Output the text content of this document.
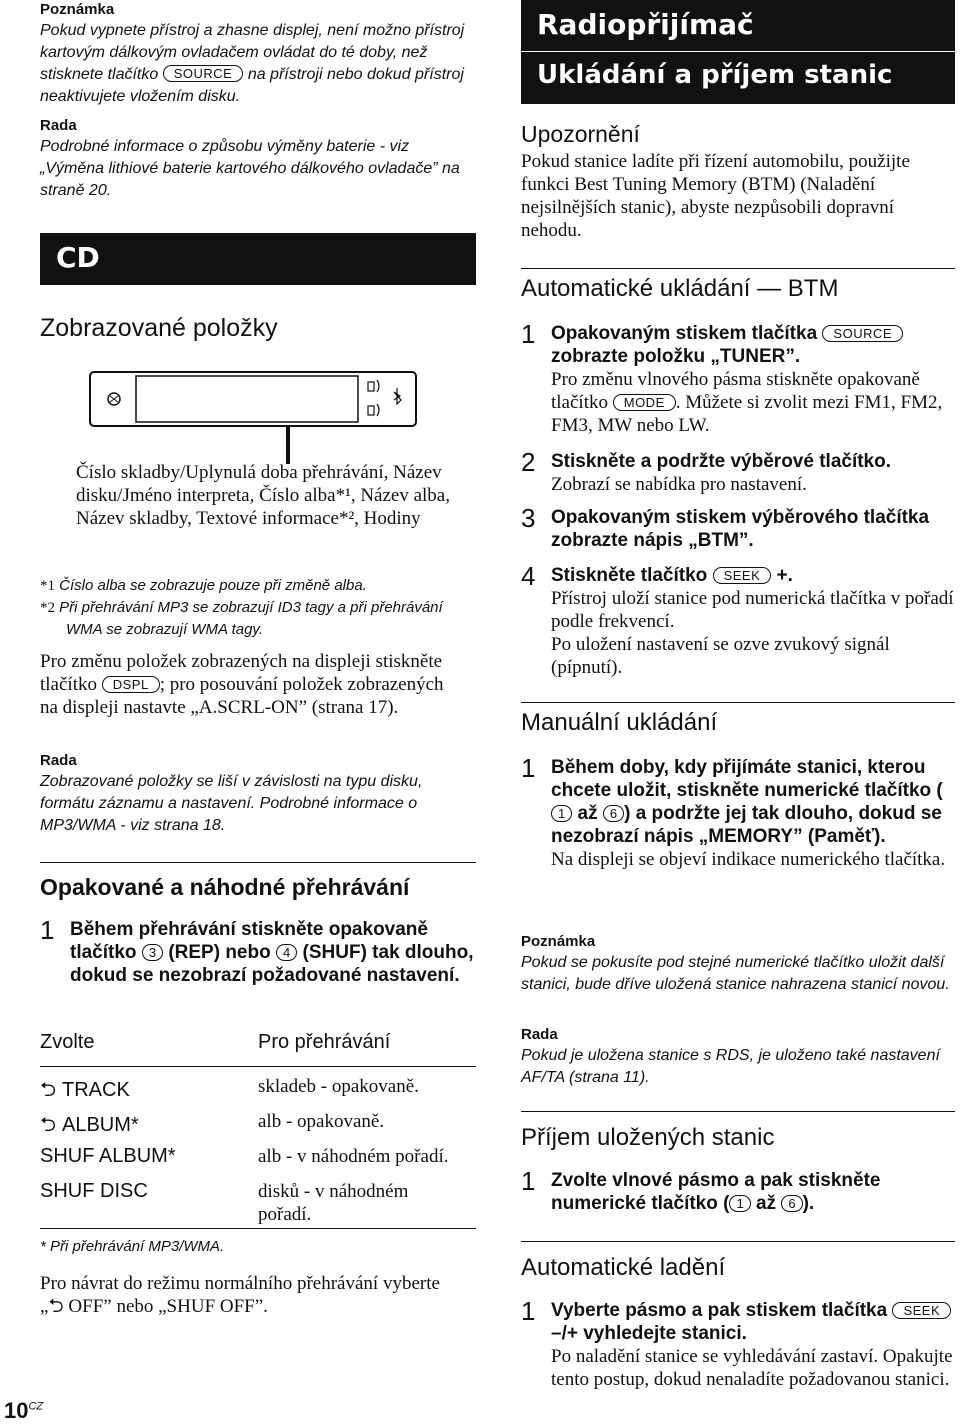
Poznámka

Pokud vypnete přístroj a zhasne displej, není možno přístroj kartovým dálkovým ovladačem ovládat do té doby, než stisknete tlačítko SOURCE na přístroji nebo dokud přístroj neaktivujete vložením disku.

Rada

Podrobné informace o způsobu výměny baterie - viz „Výměna lithiové baterie kartového dálkového ovladače” na straně 20.

CD
Zobrazované položky

Číslo skladby/Uplynulá doba přehrávání, Název disku/Jméno interpreta, Číslo alba*¹, Název alba, Název skladby, Textové informace*², Hodiny

*1 Číslo alba se zobrazuje pouze při změně alba.
*2 Při přehrávání MP3 se zobrazují ID3 tagy a při přehrávání WMA se zobrazují WMA tagy.

Pro změnu položek zobrazených na displeji stiskněte tlačítko DSPL ; pro posouvání položek zobrazených na displeji nastavte „A.SCRL-ON” (strana 17).

Rada

Zobrazované položky se liší v závislosti na typu disku, formátu záznamu a nastavení. Podrobné informace o MP3/WMA - viz strana 18.

Opakované a náhodné přehrávání
1 Během přehrávání stiskněte opakovaně tlačítko 3 (REP) nebo 4 (SHUF) tak dlouho, dokud se nezobrazí požadované nastavení.
Zvolte	Pro přehrávání
⮌ TRACK	skladeb - opakovaně.
⮌ ALBUM*	alb - opakovaně.
SHUF ALBUM*	alb - v náhodném pořadí.
SHUF DISC	disků - v náhodném pořadí.

* Při přehrávání MP3/WMA.

Pro návrat do režimu normálního přehrávání vyberte „⮌ OFF” nebo „SHUF OFF”.

$10^{CZ}$
Radiopřijímač
Ukládání a příjem stanic
Upozornění

Pokud stanice ladíte při řízení automobilu, použijte funkci Best Tuning Memory (BTM) (Naladění nejsilnějších stanic), abyste nezpůsobili dopravní nehodu.

Automatické ukládání — BTM
1 Opakovaným stiskem tlačítka SOURCE zobrazte položku „TUNER”.
Pro změnu vlnového pásma stiskněte opakovaně tlačítko MODE . Můžete si zvolit mezi FM1, FM2, FM3, MW nebo LW.
2 Stiskněte a podržte výběrové tlačítko.
Zobrazí se nabídka pro nastavení.
3 Opakovaným stiskem výběrového tlačítka zobrazte nápis „BTM”.
4 Stiskněte tlačítko SEEK +.
Přístroj uloží stanice pod numerická tlačítka v pořadí podle frekvencí.
Po uložení nastavení se ozve zvukový signál (pípnutí).
Manuální ukládání
1 Během doby, kdy přijímáte stanici, kterou chcete uložit, stiskněte numerické tlačítko (1 až 6 ) a podržte jej tak dlouho, dokud se nezobrazí nápis „MEMORY” (Paměť).
Na displeji se objeví indikace numerického tlačítka.

Poznámka

Pokud se pokusíte pod stejné numerické tlačítko uložit další stanici, bude dříve uložená stanice nahrazena stanicí novou.

Rada

Pokud je uložena stanice s RDS, je uloženo také nastavení AF/TA (strana 11).

Příjem uložených stanic
1 Zvolte vlnové pásmo a pak stiskněte numerické tlačítko ( 1 až 6 ).
Automatické ladění
1 Vyberte pásmo a pak stiskem tlačítka SEEK –/+ vyhledejte stanici.
Po naladění stanice se vyhledávání zastaví. Opakujte tento postup, dokud nenaladíte požadovanou stanici.
